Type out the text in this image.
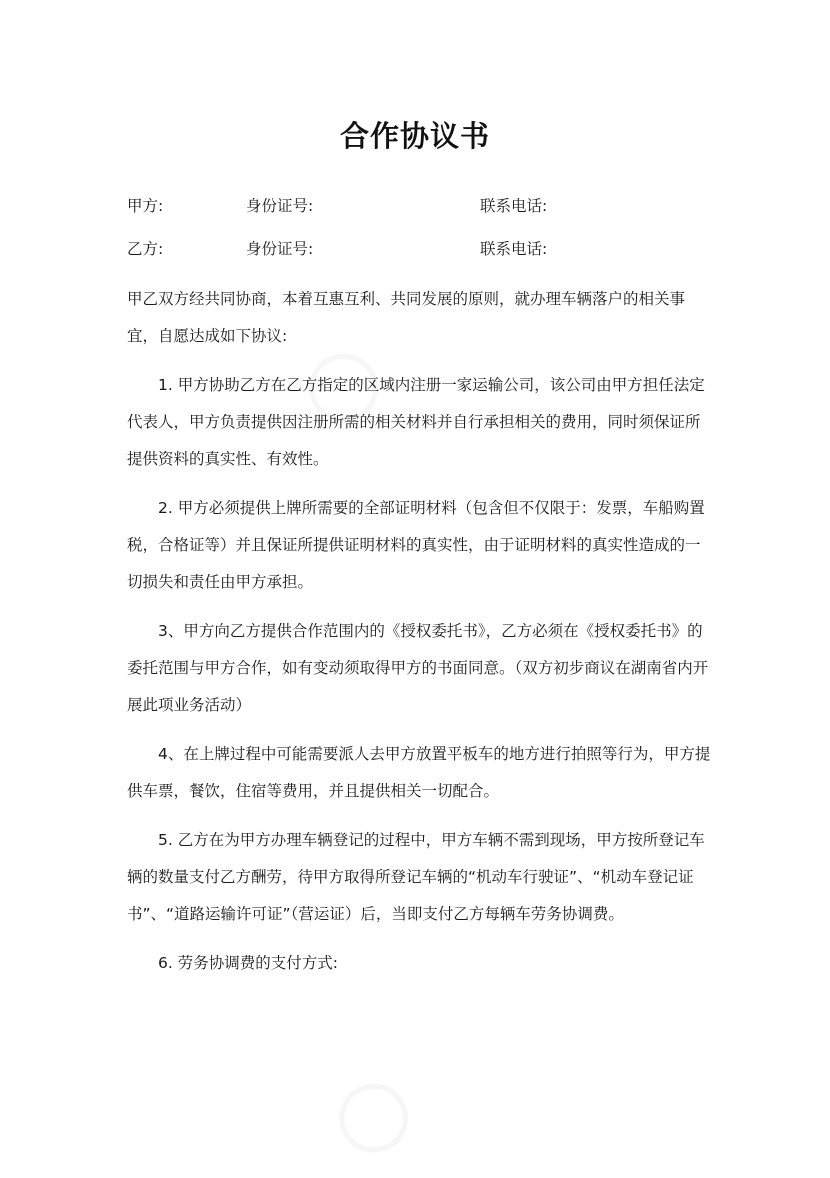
合作协议书
甲方:	身份证号:	联系电话:
乙方:	身份证号:	联系电话:

甲乙双方经共同协商，本着互惠互利、共同发展的原则，就办理车辆落户的相关事宜，自愿达成如下协议:

1. 甲方协助乙方在乙方指定的区域内注册一家运输公司，该公司由甲方担任法定代表人，甲方负责提供因注册所需的相关材料并自行承担相关的费用，同时须保证所提供资料的真实性、有效性。

2. 甲方必须提供上牌所需要的全部证明材料（包含但不仅限于：发票，车船购置税，合格证等）并且保证所提供证明材料的真实性，由于证明材料的真实性造成的一切损失和责任由甲方承担。

3、甲方向乙方提供合作范围内的《授权委托书》，乙方必须在《授权委托书》的委托范围与甲方合作，如有变动须取得甲方的书面同意。（双方初步商议在湖南省内开展此项业务活动）

4、在上牌过程中可能需要派人去甲方放置平板车的地方进行拍照等行为，甲方提供车票，餐饮，住宿等费用，并且提供相关一切配合。

5. 乙方在为甲方办理车辆登记的过程中，甲方车辆不需到现场，甲方按所登记车辆的数量支付乙方酬劳，待甲方取得所登记车辆的“机动车行驶证”、“机动车登记证书”、“道路运输许可证”（营运证）后，当即支付乙方每辆车劳务协调费。

6. 劳务协调费的支付方式:
